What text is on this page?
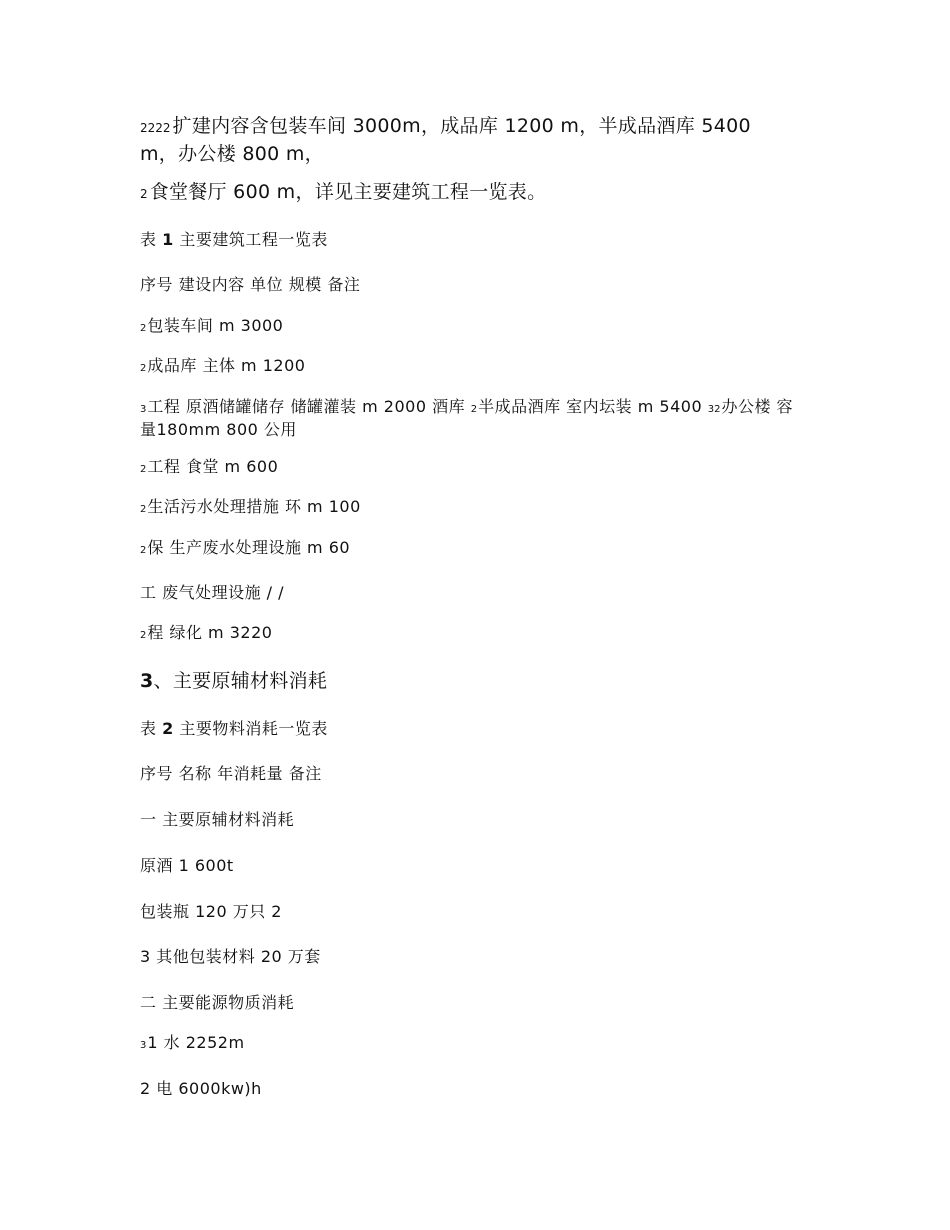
2222 扩建内容含包装车间 3000m，成品库 1200 m，半成品酒库 5400 m，办公楼 800 m，
2 食堂餐厅 600 m，详见主要建筑工程一览表。
表 1 主要建筑工程一览表
序号 建设内容 单位 规模 备注
2包装车间 m 3000
2成品库 主体 m 1200
3工程 原酒储罐储存 储罐灌装 m 2000 酒库 2半成品酒库 室内坛装 m 5400 32办公楼 容量180mm 800 公用
2工程 食堂 m 600
2生活污水处理措施 环 m 100
2保 生产废水处理设施 m 60
工 废气处理设施 / /
2程 绿化 m 3220
3、主要原辅材料消耗
表 2 主要物料消耗一览表
序号 名称 年消耗量 备注
一 主要原辅材料消耗
原酒 1 600t
包装瓶 120 万只 2
3 其他包装材料 20 万套
二 主要能源物质消耗
31 水 2252m
2 电 6000kw)h
